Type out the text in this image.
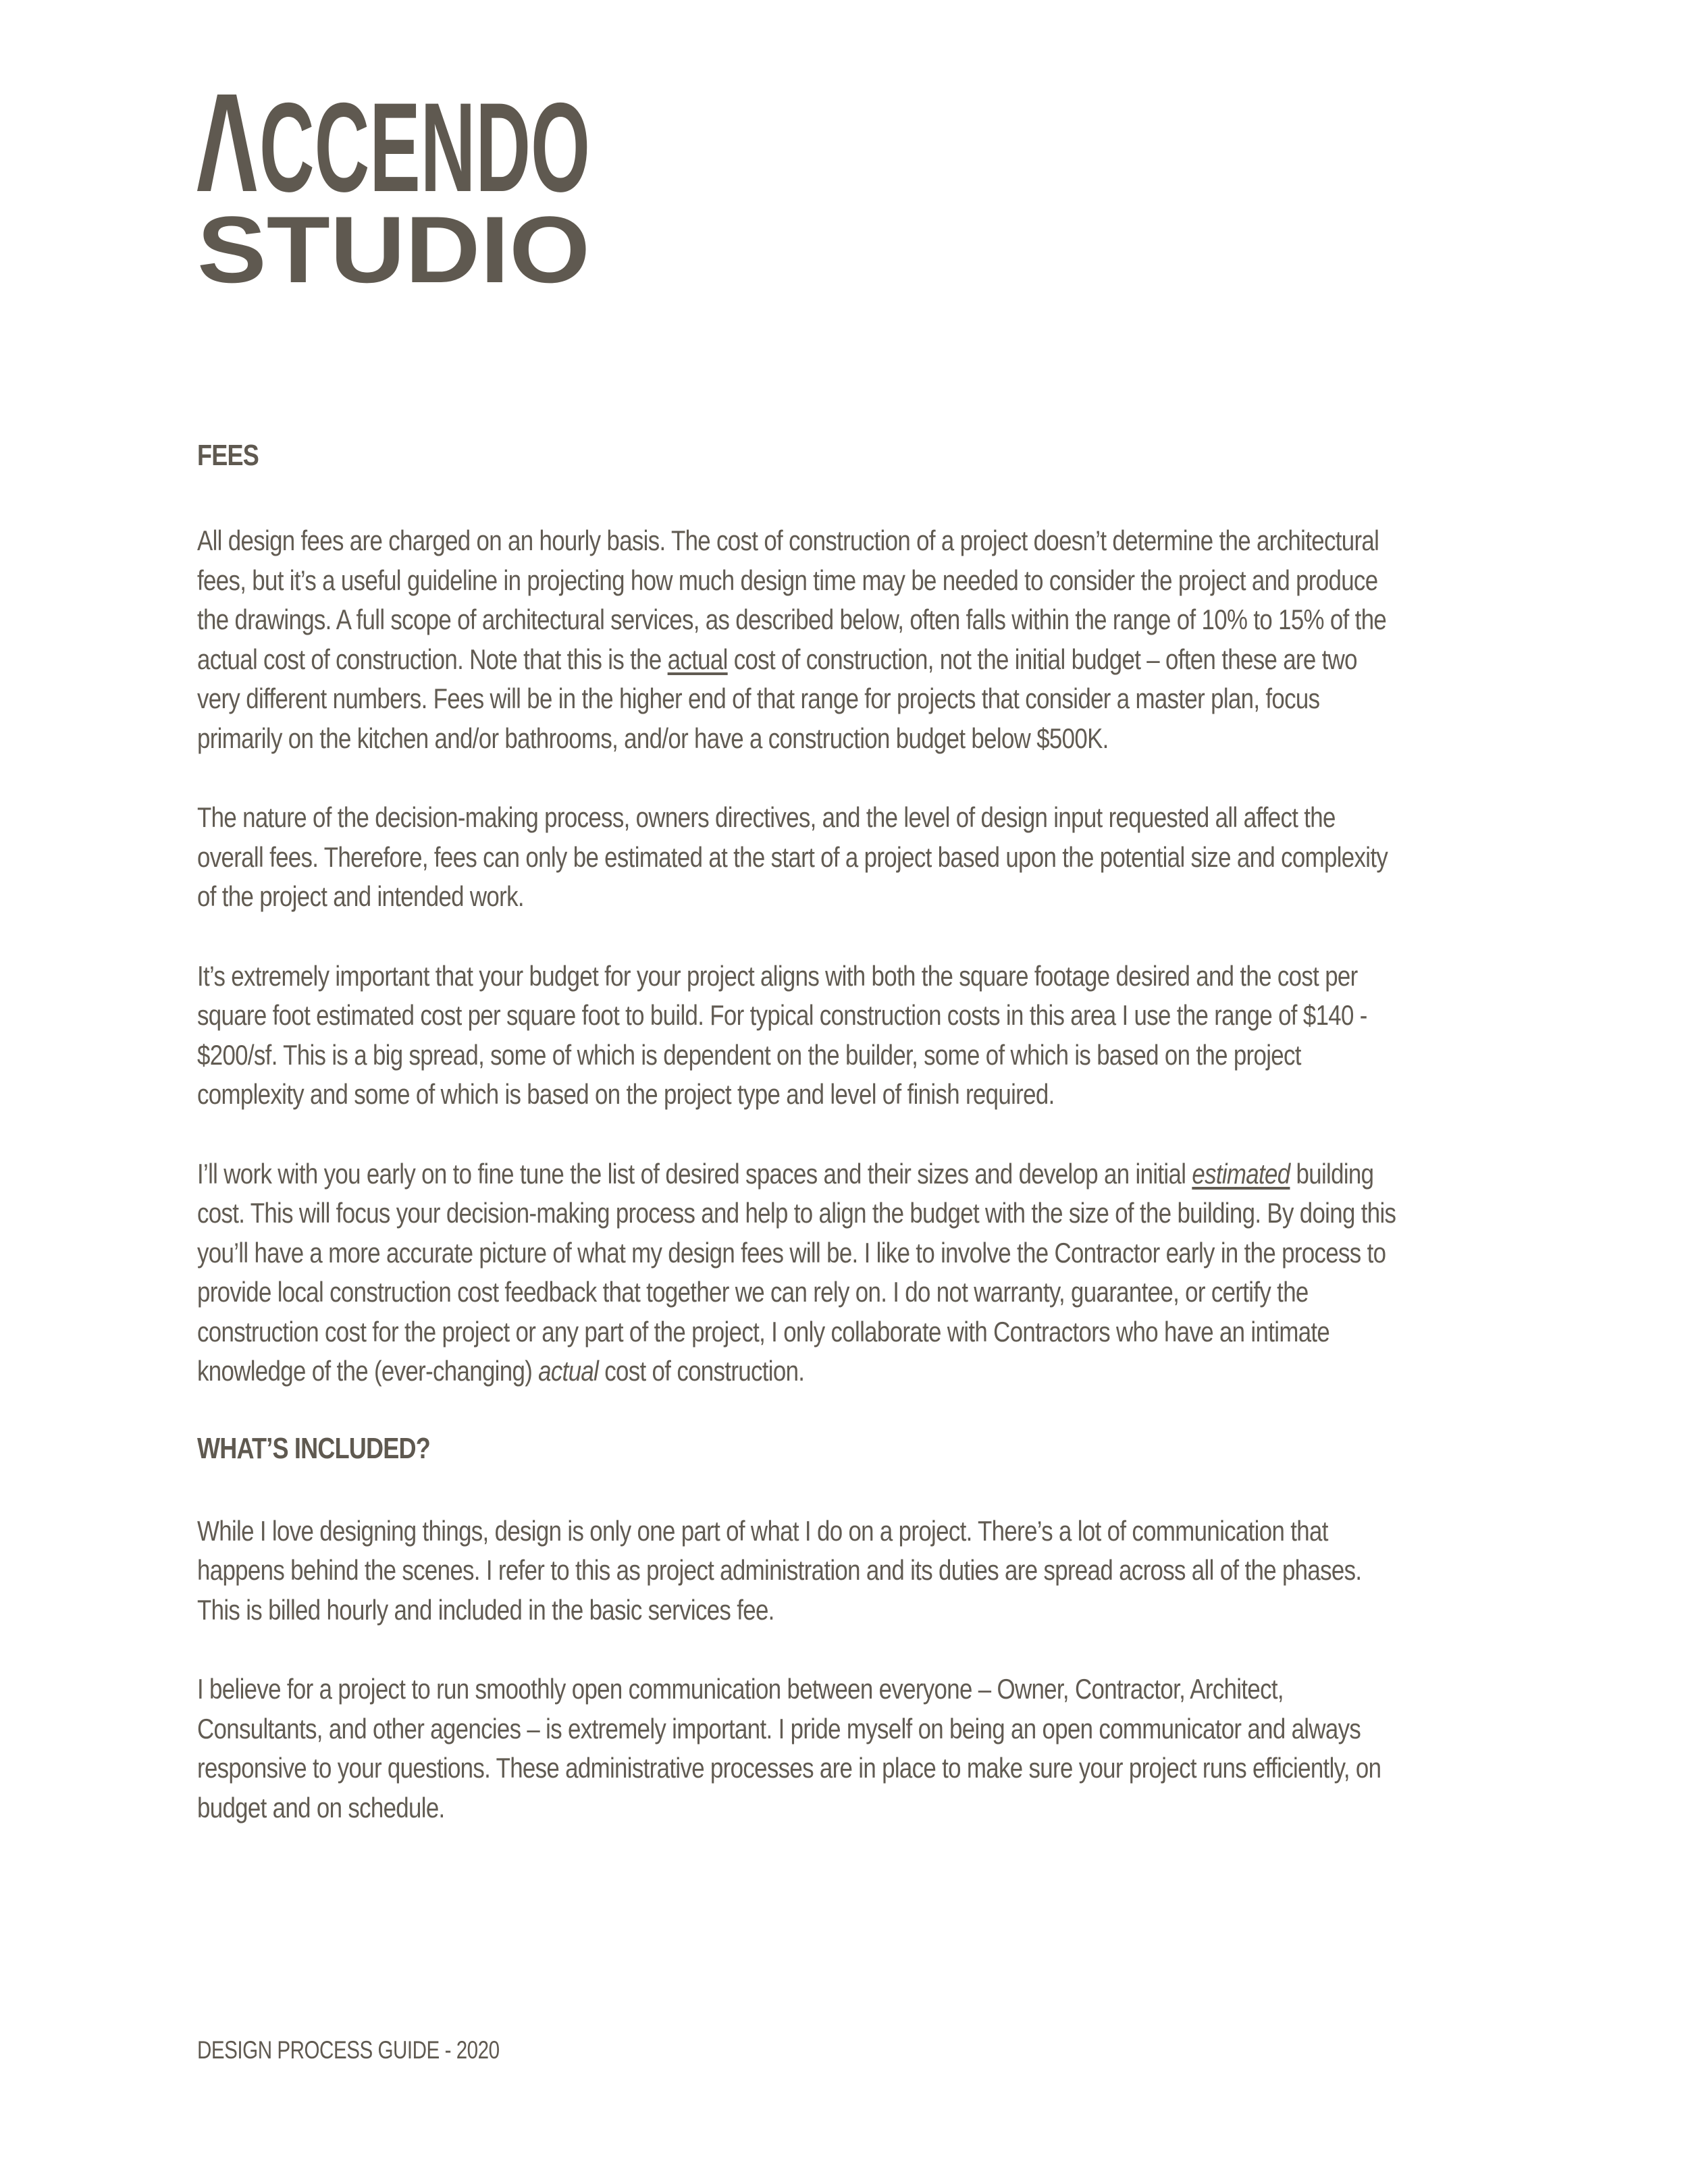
CCENDO
STUDIO
FEES

All design fees are charged on an hourly basis. The cost of construction of a project doesn’t determine the architectural
fees, but it’s a useful guideline in projecting how much design time may be needed to consider the project and produce
the drawings. A full scope of architectural services, as described below, often falls within the range of 10% to 15% of the
actual cost of construction. Note that this is the actual cost of construction, not the initial budget – often these are two
very different numbers. Fees will be in the higher end of that range for projects that consider a master plan, focus
primarily on the kitchen and/or bathrooms, and/or have a construction budget below $500K.

The nature of the decision-making process, owners directives, and the level of design input requested all affect the
overall fees. Therefore, fees can only be estimated at the start of a project based upon the potential size and complexity
of the project and intended work.

It’s extremely important that your budget for your project aligns with both the square footage desired and the cost per
square foot estimated cost per square foot to build. For typical construction costs in this area I use the range of $140 -
$200/sf. This is a big spread, some of which is dependent on the builder, some of which is based on the project
complexity and some of which is based on the project type and level of finish required.

I’ll work with you early on to fine tune the list of desired spaces and their sizes and develop an initial estimated building
cost. This will focus your decision-making process and help to align the budget with the size of the building. By doing this
you’ll have a more accurate picture of what my design fees will be. I like to involve the Contractor early in the process to
provide local construction cost feedback that together we can rely on. I do not warranty, guarantee, or certify the
construction cost for the project or any part of the project, I only collaborate with Contractors who have an intimate
knowledge of the (ever-changing) actual cost of construction.

WHAT’S INCLUDED?

While I love designing things, design is only one part of what I do on a project. There’s a lot of communication that
happens behind the scenes. I refer to this as project administration and its duties are spread across all of the phases.
This is billed hourly and included in the basic services fee.

I believe for a project to run smoothly open communication between everyone – Owner, Contractor, Architect,
Consultants, and other agencies – is extremely important. I pride myself on being an open communicator and always
responsive to your questions. These administrative processes are in place to make sure your project runs efficiently, on
budget and on schedule.

DESIGN PROCESS GUIDE - 2020
